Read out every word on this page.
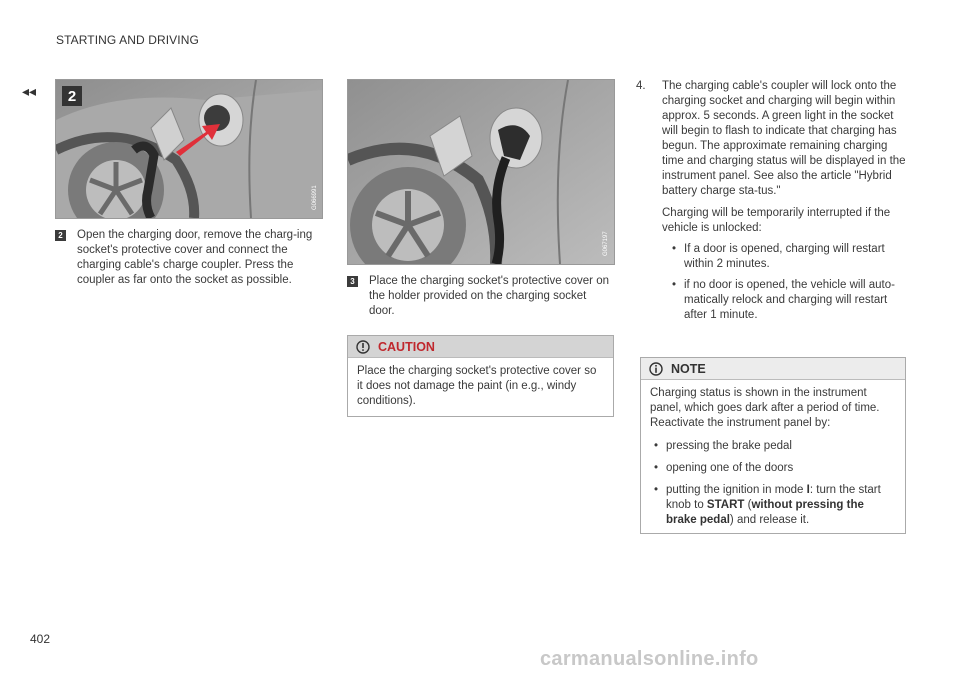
STARTING AND DRIVING
◂◂ 2
G066991
G067197
2 Open the charging door, remove the charg-ing socket's protective cover and connect the charging cable's charge coupler. Press the coupler as far onto the socket as possible.	3 Place the charging socket's protective cover on the holder provided on the charging socket door.
CAUTION
Place the charging socket's protective cover so it does not damage the paint (in e.g., windy conditions).
4. The charging cable's coupler will lock onto the charging socket and charging will begin within approx. 5 seconds. A green light in the socket will begin to flash to indicate that charging has begun. The approximate remaining charging time and charging status will be displayed in the instrument panel. See also the article "Hybrid battery charge sta-tus."
Charging will be temporarily interrupted if the vehicle is unlocked:
• If a door is opened, charging will restart within 2 minutes.
• if no door is opened, the vehicle will auto-matically relock and charging will restart after 1 minute.
NOTE
Charging status is shown in the instrument panel, which goes dark after a period of time. Reactivate the instrument panel by:
• pressing the brake pedal
• opening one of the doors
• putting the ignition in mode I: turn the start knob to START (without pressing the brake pedal) and release it.
402
carmanualsonline.info
